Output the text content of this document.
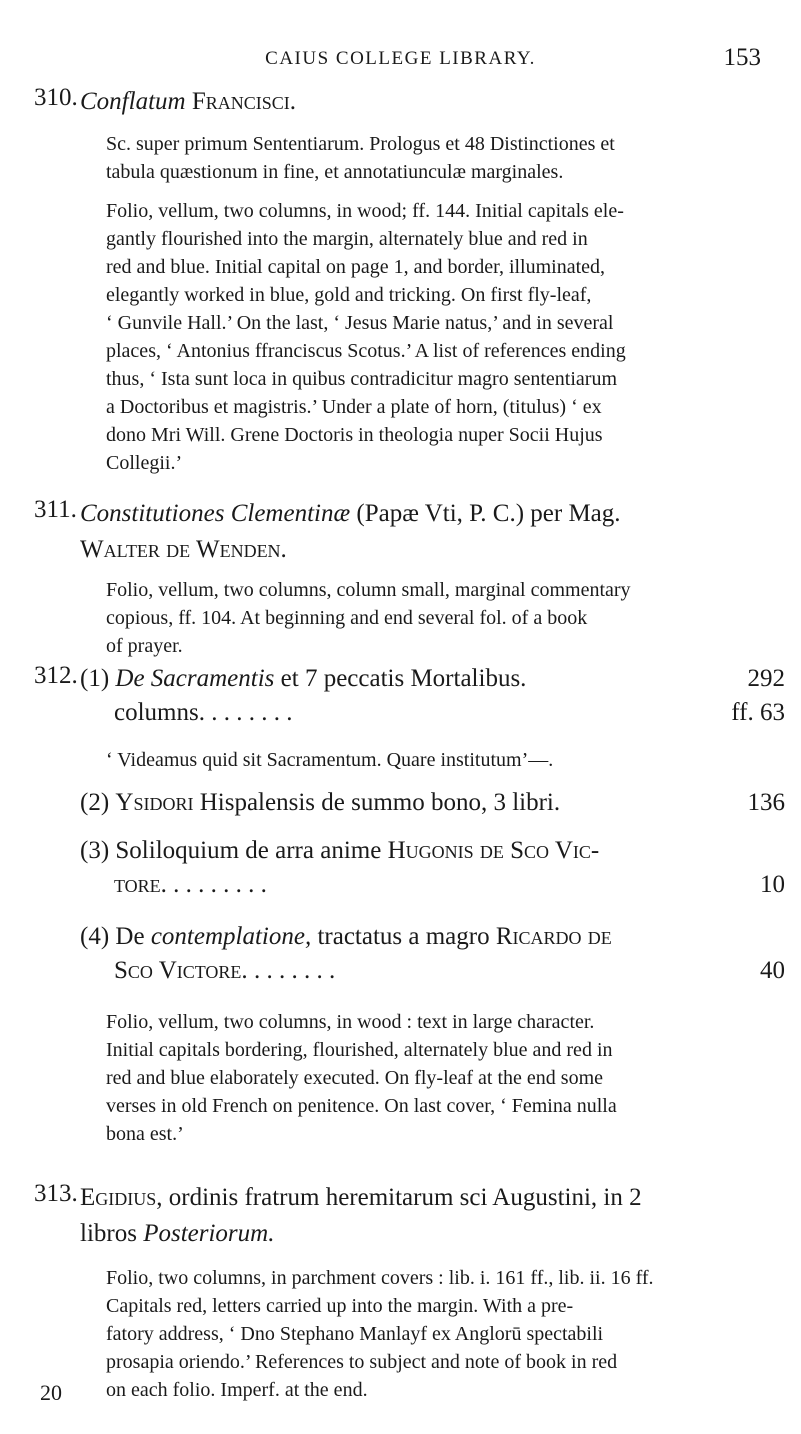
CAIUS COLLEGE LIBRARY.	153
310. Conflatum Francisci.
Sc. super primum Sententiarum. Prologus et 48 Distinctiones et
tabula quæstionum in fine, et annotatiunculæ marginales.
Folio, vellum, two columns, in wood; ff. 144. Initial capitals ele-
gantly flourished into the margin, alternately blue and red in
red and blue. Initial capital on page 1, and border, illuminated,
elegantly worked in blue, gold and tricking. On first fly-leaf,
‘ Gunvile Hall.’ On the last, ‘ Jesus Marie natus,’ and in several
places, ‘ Antonius ffranciscus Scotus.’ A list of references ending
thus, ‘ Ista sunt loca in quibus contradicitur magro sententiarum
a Doctoribus et magistris.’ Under a plate of horn, (titulus) ‘ ex
dono Mri Will. Grene Doctoris in theologia nuper Socii Hujus
Collegii.’
311. Constitutiones Clementinæ (Papæ Vti, P. C.) per Mag.
Walter de Wenden.
Folio, vellum, two columns, column small, marginal commentary
copious, ff. 104. At beginning and end several fol. of a book
of prayer.
312. (1) De Sacramentis et 7 peccatis Mortalibus.	292
columns. . . . . . . .	ff. 63
‘ Videamus quid sit Sacramentum. Quare institutum’—.
(2) Ysidori Hispalensis de summo bono, 3 libri.	136
(3) Soliloquium de arra anime Hugonis de Sco Vic-
tore. . . . . . . . .	10
(4) De contemplatione, tractatus a magro Ricardo de
Sco Victore. . . . . . . .	40
Folio, vellum, two columns, in wood : text in large character.
Initial capitals bordering, flourished, alternately blue and red in
red and blue elaborately executed. On fly-leaf at the end some
verses in old French on penitence. On last cover, ‘ Femina nulla
bona est.’
313. Egidius, ordinis fratrum heremitarum sci Augustini, in 2
libros Posteriorum.
Folio, two columns, in parchment covers : lib. i. 161 ff., lib. ii. 16 ff.
Capitals red, letters carried up into the margin. With a pre-
fatory address, ‘ Dno Stephano Manlayf ex Anglorū spectabili
prosapia oriendo.’ References to subject and note of book in red
on each folio. Imperf. at the end.
20
